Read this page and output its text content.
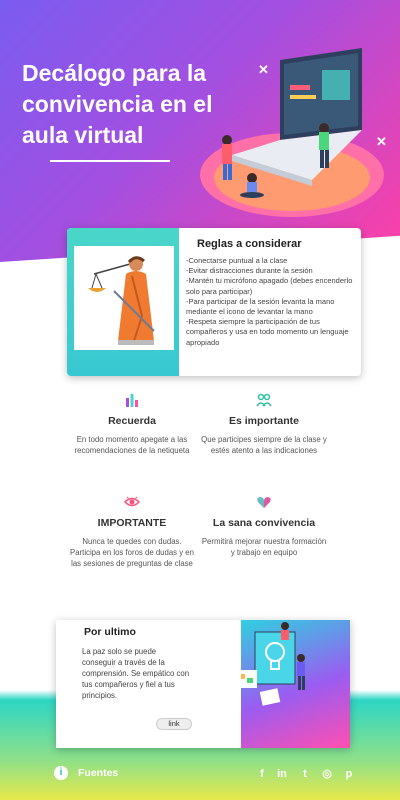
Decálogo para la convivencia en el aula virtual
✕
✕
Reglas a considerar
-Conectarse puntual a la clase
-Evitar distracciones durante la sesión
-Mantén tu micrófono apagado (debes encenderlo solo para participar)
-Para participar de la sesión levanta la mano mediante el icono de levantar la mano
-Respeta siempre la participación de tus compañeros y usa en todo momento un lenguaje apropiado
Recuerda
En todo momento apegate a las recomendaciones de la netiqueta
Es importante
Que participes siempre de la clase y estés atento a las indicaciones
IMPORTANTE
Nunca te quedes con dudas. Participa en los foros de dudas y en las sesiones de preguntas de clase
La sana convivencia
Permitirá mejorar nuestra formación y trabajo en equipo
Por ultimo
La paz solo se puede conseguir a través de la comprensión. Se empático con tus compañeros y fiel a tus principios.
link
i	Fuentes	f	in	t	◎	p
